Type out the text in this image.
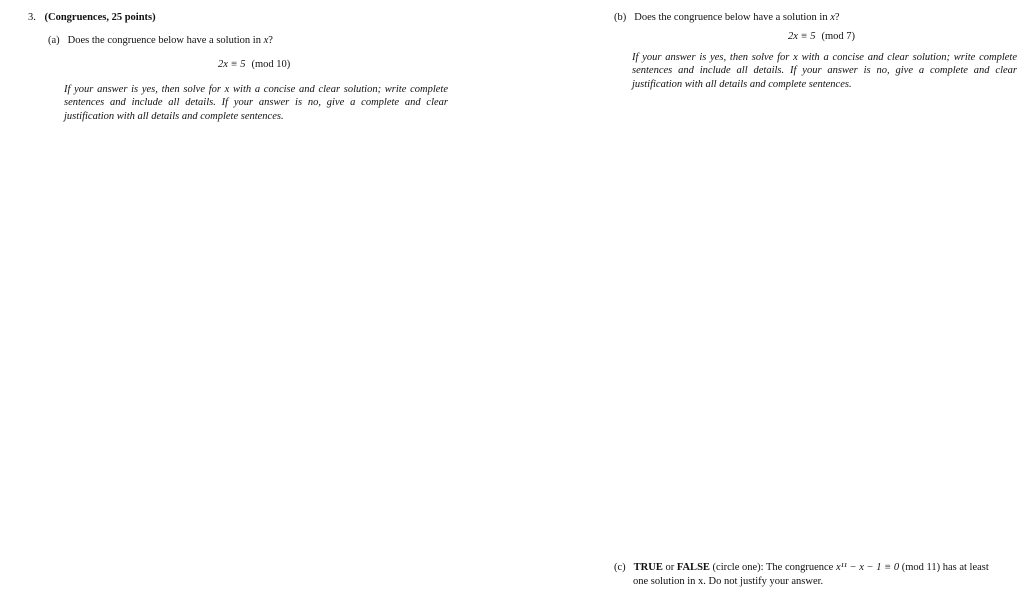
3. (Congruences, 25 points)
(a) Does the congruence below have a solution in x?
2x ≡ 5 (mod 10)
If your answer is yes, then solve for x with a concise and clear solution; write complete sentences and include all details. If your answer is no, give a complete and clear justification with all details and complete sentences.
(b) Does the congruence below have a solution in x?
2x ≡ 5 (mod 7)
If your answer is yes, then solve for x with a concise and clear solution; write complete sentences and include all details. If your answer is no, give a complete and clear justification with all details and complete sentences.
(c) TRUE or FALSE (circle one): The congruence x¹¹ − x − 1 ≡ 0 (mod 11) has at least
one solution in x. Do not justify your answer.
